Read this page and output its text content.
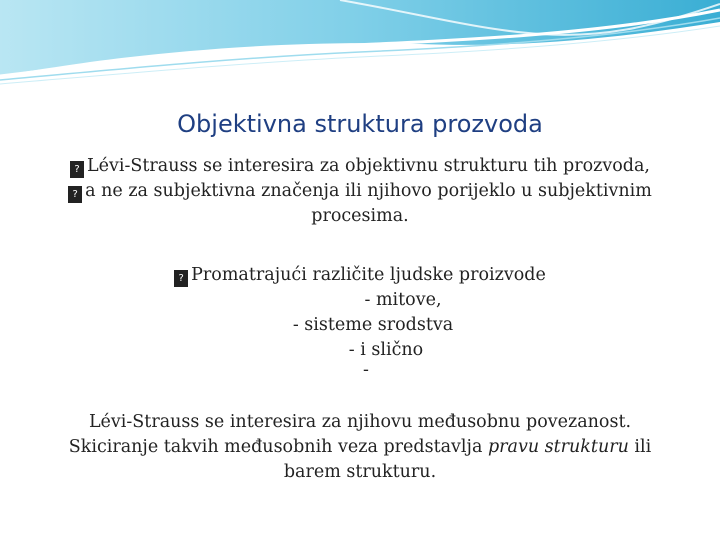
Objektivna struktura prozvoda
? Lévi-Strauss se interesira za objektivnu strukturu tih prozvoda,
? a ne za subjektivna značenja ili njihovo porijeklo u subjektivnim
procesima.
? Promatrajući različite ljudske proizvode
- mitove,
- sisteme srodstva
- i slično
-
Lévi-Strauss se interesira za njihovu međusobnu povezanost.
Skiciranje takvih međusobnih veza predstavlja pravu strukturu ili
barem strukturu.
